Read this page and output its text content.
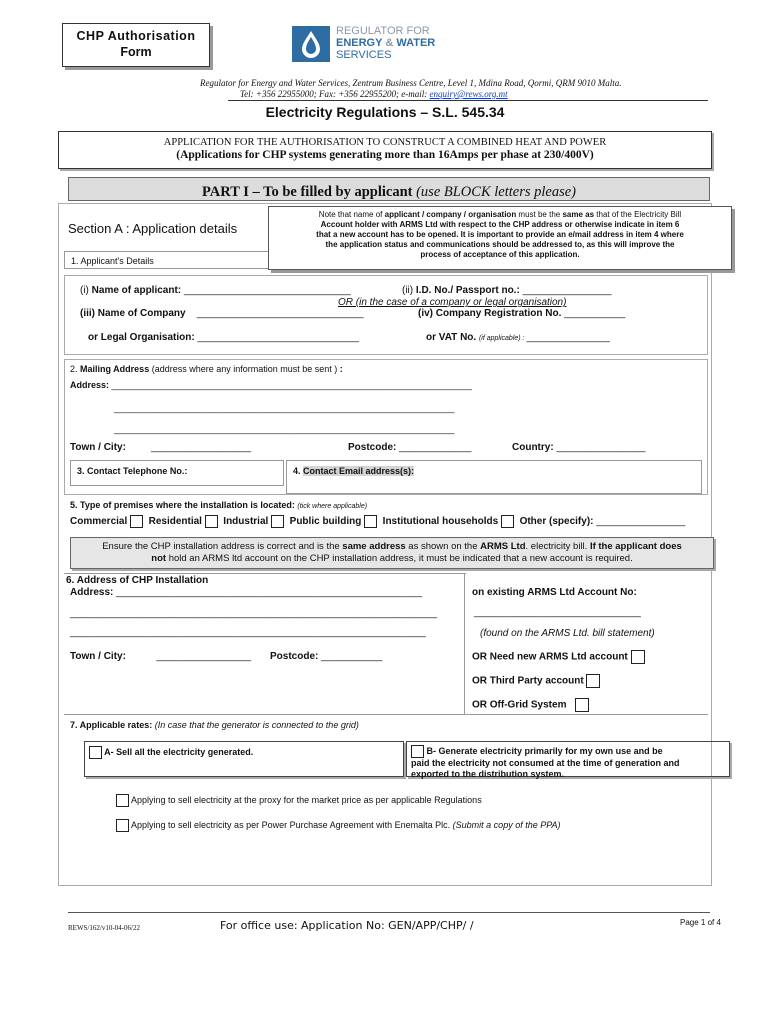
CHP Authorisation
Form
REGULATOR FOR
ENERGY & WATER
SERVICES
Regulator for Energy and Water Services, Zentrum Business Centre, Level 1, Mdina Road, Qormi, QRM 9010 Malta.
Tel: +356 22955000; Fax: +356 22955200; e-mail: enquiry@rews.org.mt
Electricity Regulations – S.L. 545.34
APPLICATION FOR THE AUTHORISATION TO CONSTRUCT A COMBINED HEAT AND POWER
(Applications for CHP systems generating more than 16Amps per phase at 230/400V)
PART I – To be filled by applicant (use BLOCK letters please)
Section A : Application details
1. Applicant's Details
Note that name of applicant / company / organisation must be the same as that of the Electricity Bill
Account holder with ARMS Ltd with respect to the CHP address or otherwise indicate in item 6
that a new account has to be opened. It is important to provide an e/mail address in item 4 where
the application status and communications should be addressed to, as this will improve the
process of acceptance of this application.
(i) Name of applicant: ______________________________	(ii) I.D. No./ Passport no.: ________________
OR (in the case of a company or legal organisation)
(iii) Name of Company ______________________________	(iv) Company Registration No. ___________
or Legal Organisation: _____________________________	or VAT No. (if applicable) : _______________
2. Mailing Address (address where any information must be sent ) :
Address: ________________________________________________________________________
____________________________________________________________________
____________________________________________________________________
Town / City:	__________________	Postcode: _____________	Country: ________________
3. Contact Telephone No.:	4. Contact Email address(s):
5. Type of premises where the installation is located: (tick where applicable)
Commercial Residential Industrial Public building Institutional households Other (specify): ________________
Ensure the CHP installation address is correct and is the same address as shown on the ARMS Ltd. electricity bill. If the applicant does
not hold an ARMS ltd account on the CHP installation address, it must be indicated that a new account is required.
6. Address of CHP Installation
Address: _______________________________________________________
__________________________________________________________________
________________________________________________________________
Town / City:	_________________ Postcode: ___________
on existing ARMS Ltd Account No:
______________________________
(found on the ARMS Ltd. bill statement)
OR Need new ARMS Ltd account
OR Third Party account
OR Off-Grid System
7. Applicable rates: (In case that the generator is connected to the grid)
A- Sell all the electricity generated.	B- Generate electricity primarily for my own use and be
paid the electricity not consumed at the time of generation and
exported to the distribution system.
Applying to sell electricity at the proxy for the market price as per applicable Regulations
Applying to sell electricity as per Power Purchase Agreement with Enemalta Plc. (Submit a copy of the PPA)
REWS/162/v10-04-06/22	For office use: Application No: GEN/APP/CHP/ /	Page 1 of 4
